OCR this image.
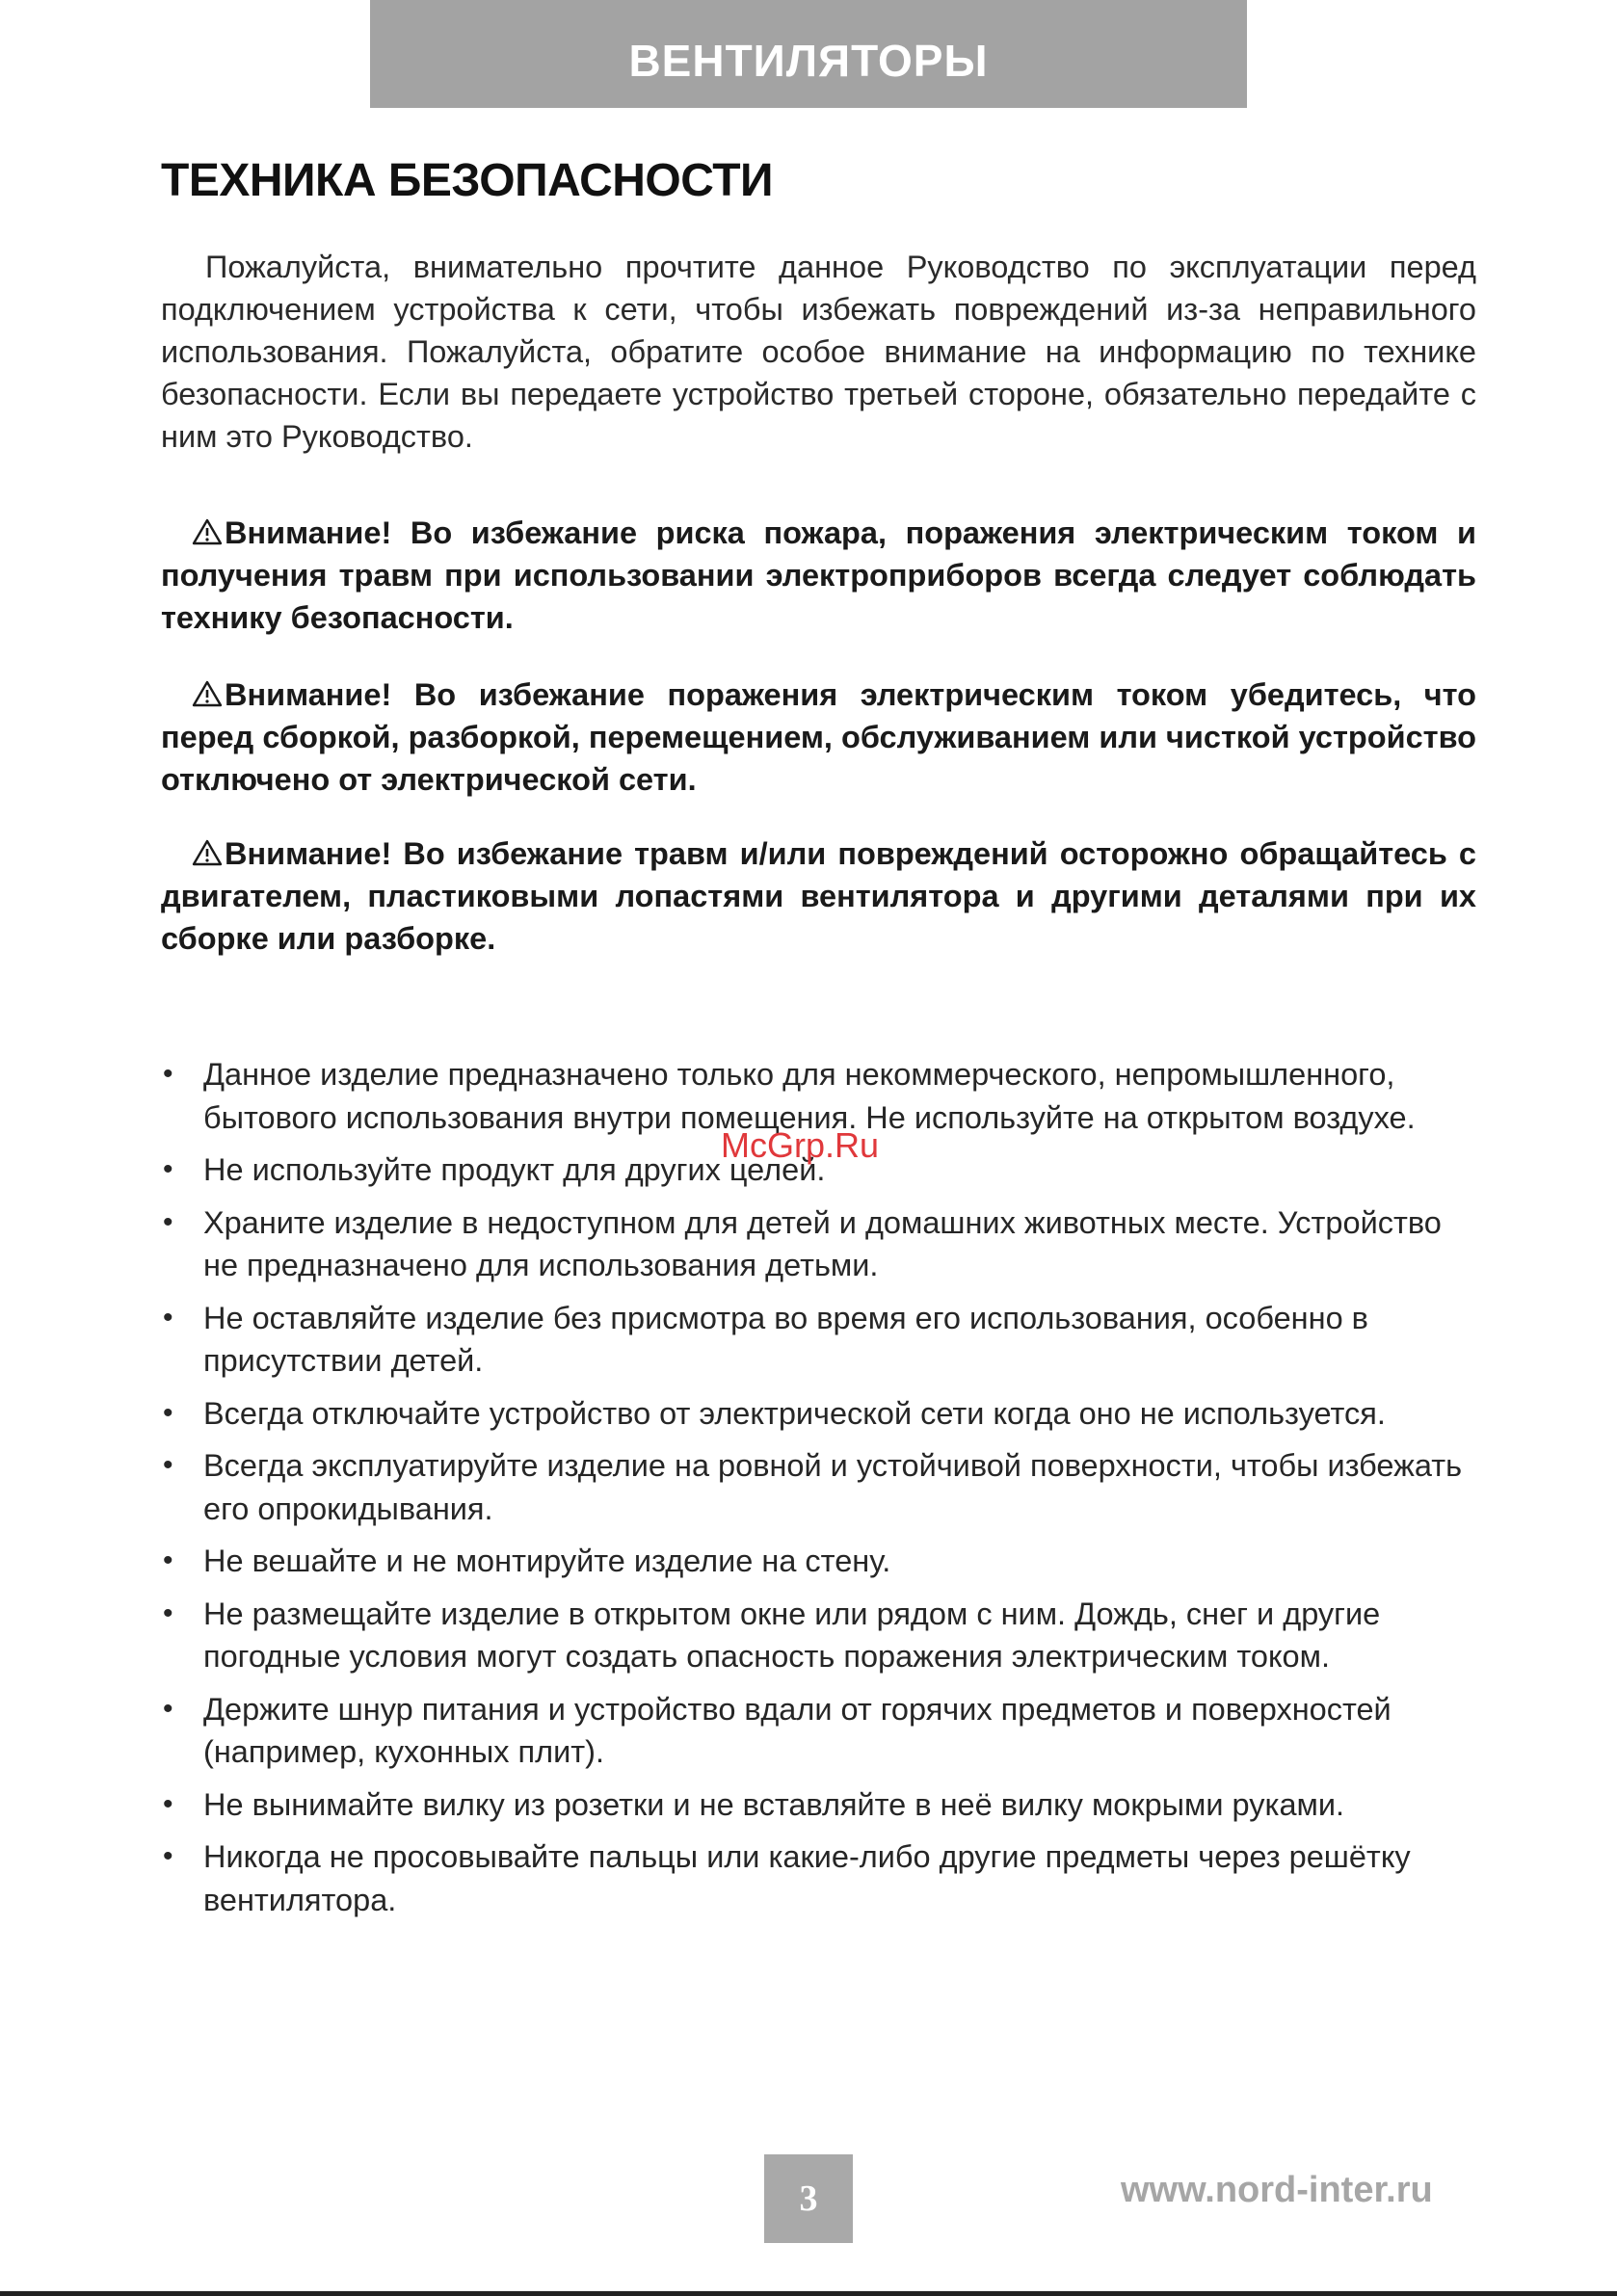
ВЕНТИЛЯТОРЫ
ТЕХНИКА БЕЗОПАСНОСТИ

Пожалуйста, внимательно прочтите данное Руководство по эксплуатации перед подключением устройства к сети, чтобы избежать повреждений из-за неправильного использования. Пожалуйста, обратите особое внимание на информацию по технике безопасности. Если вы передаете устройство третьей стороне, обязательно передайте с ним это Руководство.

Внимание! Во избежание риска пожара, поражения электрическим током и получения травм при использовании электроприборов всегда следует соблюдать технику безопасности.

Внимание! Во избежание поражения электрическим током убедитесь, что перед сборкой, разборкой, перемещением, обслуживанием или чисткой устройство отключено от электрической сети.

Внимание! Во избежание травм и/или повреждений осторожно обращайтесь с двигателем, пластиковыми лопастями вентилятора и другими деталями при их сборке или разборке.

• Данное изделие предназначено только для некоммерческого, непромышленного, бытового использования внутри помещения. Не используйте на открытом воздухе.
• Не используйте продукт для других целей.
• Храните изделие в недоступном для детей и домашних животных месте. Устройство не предназначено для использования детьми.
• Не оставляйте изделие без присмотра во время его использования, особенно в присутствии детей.
• Всегда отключайте устройство от электрической сети когда оно не используется.
• Всегда эксплуатируйте изделие на ровной и устойчивой поверхности, чтобы избежать его опрокидывания.
• Не вешайте и не монтируйте изделие на стену.
• Не размещайте изделие в открытом окне или рядом с ним. Дождь, снег и другие погодные условия могут создать опасность поражения электрическим током.
• Держите шнур питания и устройство вдали от горячих предметов и поверхностей (например, кухонных плит).
• Не вынимайте вилку из розетки и не вставляйте в неё вилку мокрыми руками.
• Никогда не просовывайте пальцы или какие-либо другие предметы через решётку вентилятора.
McGrp.Ru
3	www.nord-inter.ru
